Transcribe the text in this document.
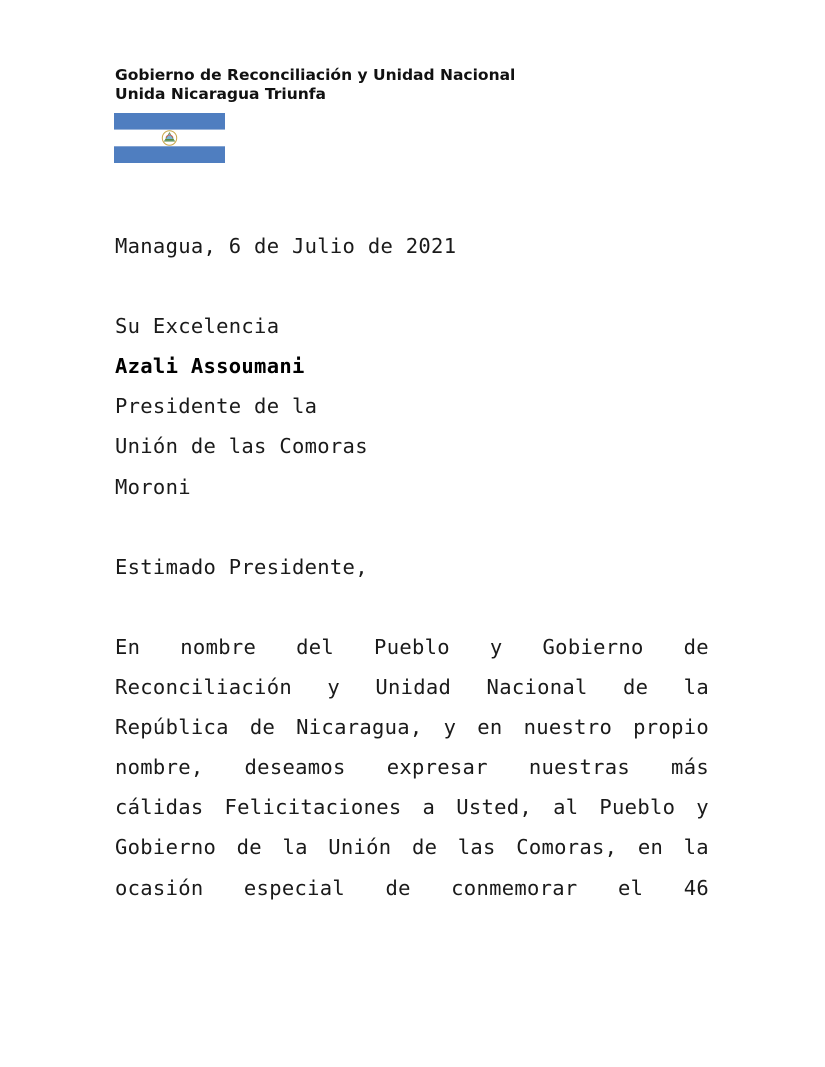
Gobierno de Reconciliación y Unidad Nacional
Unida Nicaragua Triunfa
Managua, 6 de Julio de 2021
Su Excelencia
Azali Assoumani
Presidente de la
Unión de las Comoras
Moroni
Estimado Presidente,
En nombre del Pueblo y Gobierno de
Reconciliación y Unidad Nacional de la
República de Nicaragua, y en nuestro propio
nombre, deseamos expresar nuestras más
cálidas Felicitaciones a Usted, al Pueblo y
Gobierno de la Unión de las Comoras, en la
ocasión especial de conmemorar el 46
